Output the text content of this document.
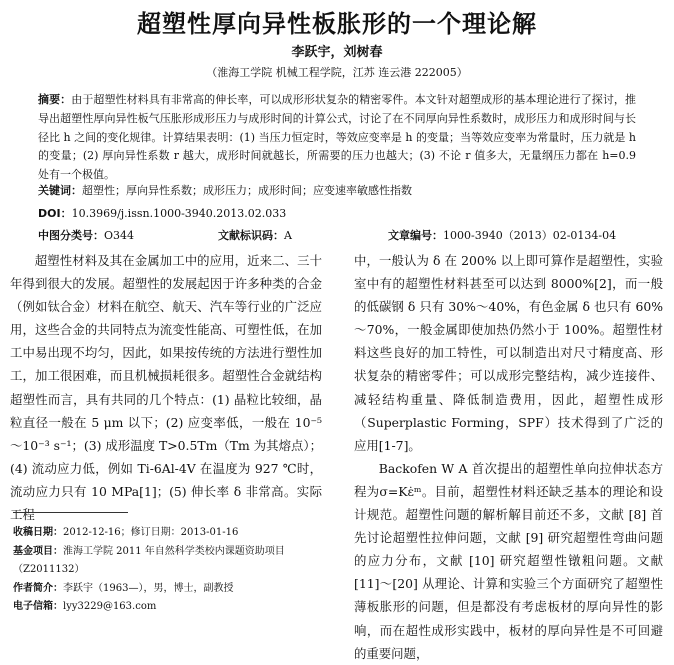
超塑性厚向异性板胀形的一个理论解
李跃宇，刘树春
（淮海工学院 机械工程学院，江苏 连云港 222005）
摘要：由于超塑性材料具有非常高的伸长率，可以成形形状复杂的精密零件。本文针对超塑成形的基本理论进行了探讨，推导出超塑性厚向异性板气压胀形成形压力与成形时间的计算公式，讨论了在不同厚向异性系数时，成形压力和成形时间与长径比 h 之间的变化规律。计算结果表明：(1) 当压力恒定时，等效应变率是 h 的变量；当等效应变率为常量时，压力就是 h 的变量；(2) 厚向异性系数 r 越大，成形时间就越长，所需要的压力也越大；(3) 不论 r 值多大，无量纲压力都在 h=0.9 处有一个极值。
关键词：超塑性；厚向异性系数；成形压力；成形时间；应变速率敏感性指数
DOI：10.3969/j.issn.1000-3940.2013.02.033
中图分类号：O344	文献标识码：A	文章编号：1000-3940（2013）02-0134-04

超塑性材料及其在金属加工中的应用，近来二、三十年得到很大的发展。超塑性的发展起因于许多种类的合金（例如钛合金）材料在航空、航天、汽车等行业的广泛应用，这些合金的共同特点为流变性能高、可塑性低，在加工中易出现不均匀，因此，如果按传统的方法进行塑性加工，加工很困难，而且机械损耗很多。超塑性合金就结构超塑性而言，具有共同的几个特点：(1) 晶粒比较细，晶粒直径一般在 5 μm 以下；(2) 应变率低，一般在 10⁻⁵～10⁻³ s⁻¹；(3) 成形温度 T>0.5Tm（Tm 为其熔点）；(4) 流动应力低，例如 Ti-6Al-4V 在温度为 927 ℃时，流动应力只有 10 MPa[1]；(5) 伸长率 δ 非常高。实际工程

中，一般认为 δ 在 200% 以上即可算作是超塑性，实验室中有的超塑性材料甚至可以达到 8000%[2]，而一般的低碳钢 δ 只有 30%～40%，有色金属 δ 也只有 60%～70%，一般金属即使加热仍然小于 100%。超塑性材料这些良好的加工特性，可以制造出对尺寸精度高、形状复杂的精密零件；可以成形完整结构，减少连接件、减轻结构重量、降低制造费用，因此，超塑性成形（Superplastic Forming，SPF）技术得到了广泛的应用[1-7]。

Backofen W A 首次提出的超塑性单向拉伸状态方程为σ=Kε̇ᵐ。目前，超塑性材料还缺乏基本的理论和设计规范。超塑性问题的解析解目前还不多，文献 [8] 首先讨论超塑性拉伸问题，文献 [9] 研究超塑性弯曲问题的应力分布，文献 [10] 研究超塑性镦粗问题。文献 [11]～[20] 从理论、计算和实验三个方面研究了超塑性薄板胀形的问题，但是都没有考虑板材的厚向异性的影响，而在超性成形实践中，板材的厚向异性是不可回避的重要问题，

收稿日期：2012-12-16；修订日期：2013-01-16
基金项目：淮海工学院 2011 年自然科学类校内课题资助项目（Z2011132）
作者简介：李跃宇（1963—），男，博士，副教授
电子信箱：lyy3229@163.com
